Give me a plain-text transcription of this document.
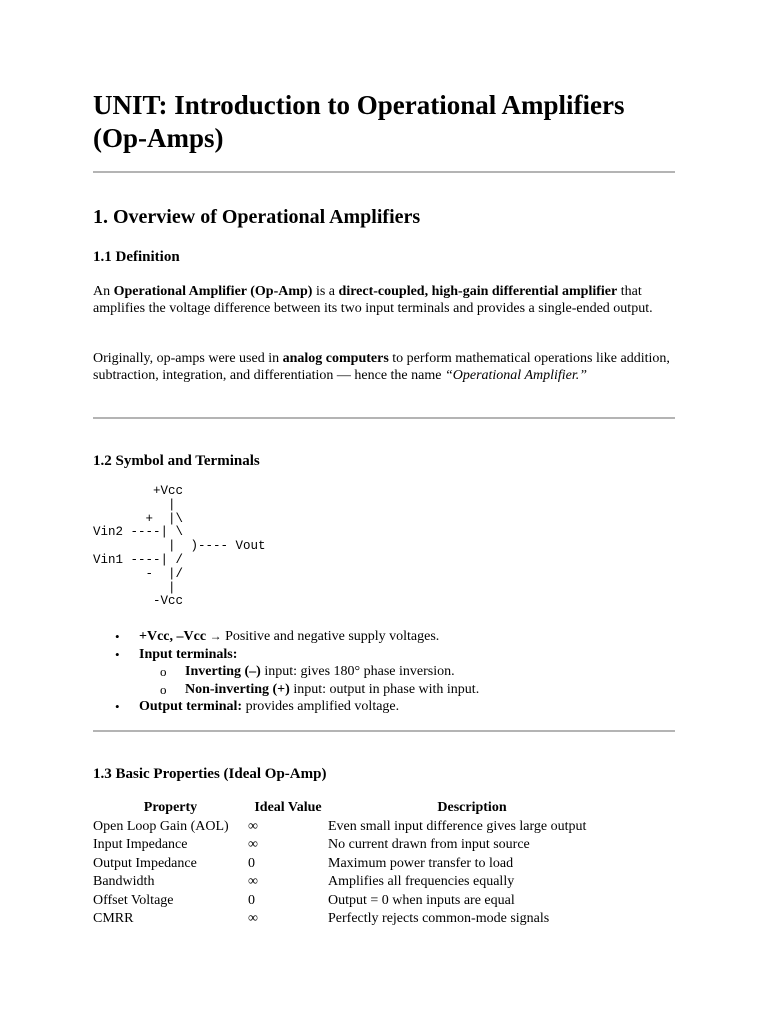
UNIT: Introduction to Operational Amplifiers (Op-Amps)
1. Overview of Operational Amplifiers
1.1 Definition

An Operational Amplifier (Op-Amp) is a direct-coupled, high-gain differential amplifier that amplifies the voltage difference between its two input terminals and provides a single-ended output.

Originally, op-amps were used in analog computers to perform mathematical operations like addition, subtraction, integration, and differentiation — hence the name “Operational Amplifier.”

1.2 Symbol and Terminals
+Vcc
|
+  |\
Vin2 ----| \
|  )---- Vout
Vin1 ----| /
-  |/
|
-Vcc
• +Vcc, –Vcc → Positive and negative supply voltages.
• Input terminals:
o Inverting (–) input: gives 180° phase inversion.
o Non-inverting (+) input: output in phase with input.
• Output terminal: provides amplified voltage.
1.3 Basic Properties (Ideal Op-Amp)
Property	Ideal Value	Description
Open Loop Gain (AOL)	∞	Even small input difference gives large output
Input Impedance	∞	No current drawn from input source
Output Impedance	0	Maximum power transfer to load
Bandwidth	∞	Amplifies all frequencies equally
Offset Voltage	0	Output = 0 when inputs are equal
CMRR	∞	Perfectly rejects common-mode signals
